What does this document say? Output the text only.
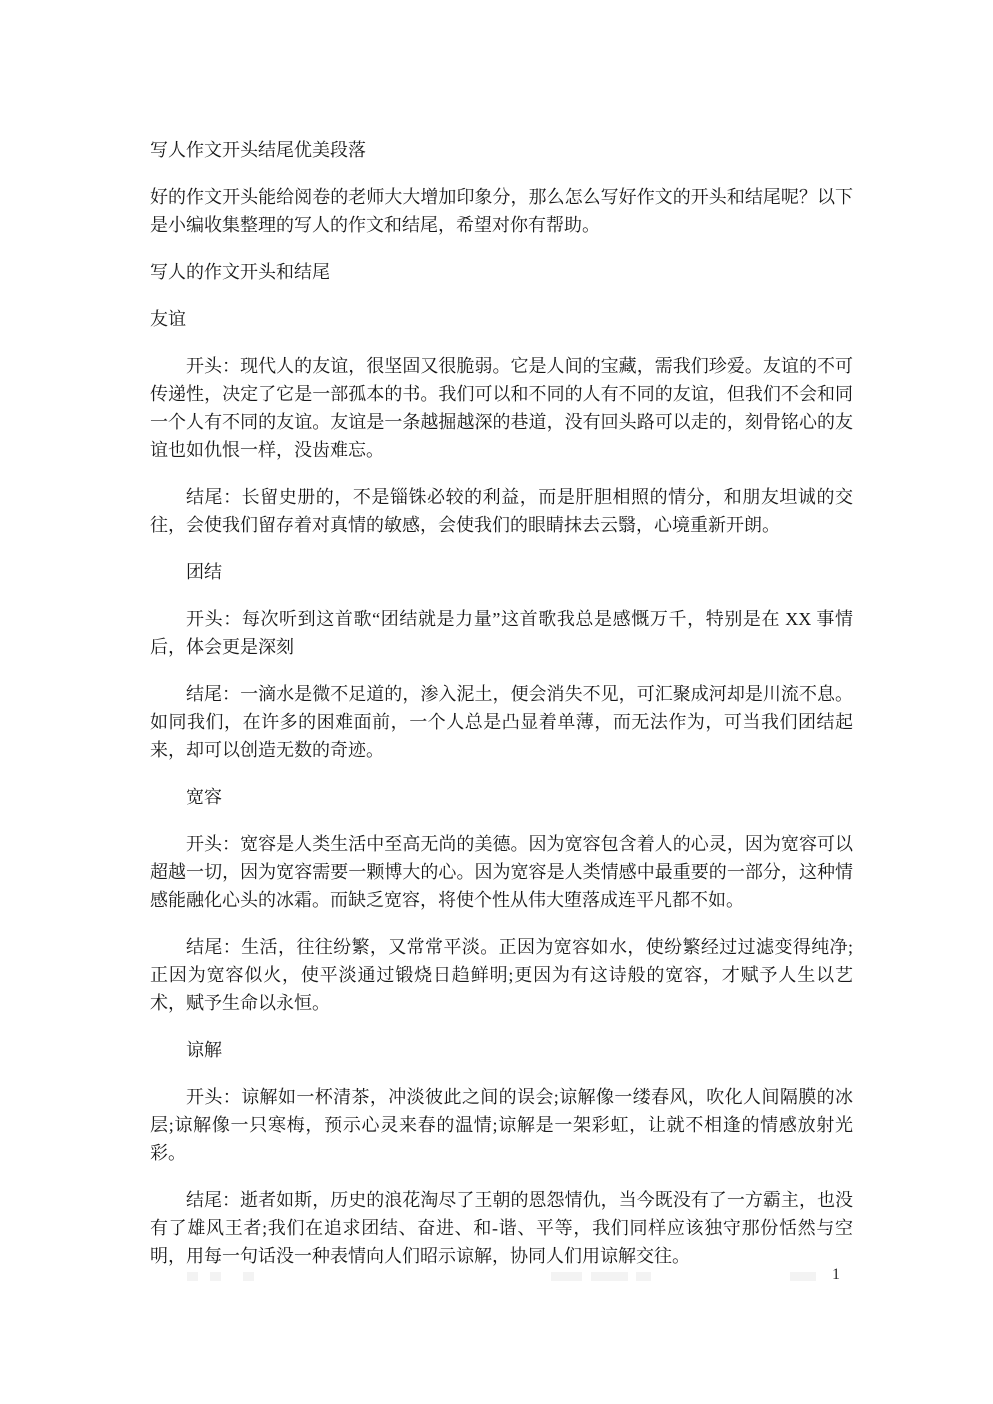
写人作文开头结尾优美段落

好的作文开头能给阅卷的老师大大增加印象分，那么怎么写好作文的开头和结尾呢？以下是小编收集整理的写人的作文和结尾，希望对你有帮助。

写人的作文开头和结尾

友谊

开头：现代人的友谊，很坚固又很脆弱。它是人间的宝藏，需我们珍爱。友谊的不可传递性，决定了它是一部孤本的书。我们可以和不同的人有不同的友谊，但我们不会和同一个人有不同的友谊。友谊是一条越掘越深的巷道，没有回头路可以走的，刻骨铭心的友谊也如仇恨一样，没齿难忘。

结尾：长留史册的，不是锱铢必较的利益，而是肝胆相照的情分，和朋友坦诚的交往，会使我们留存着对真情的敏感，会使我们的眼睛抹去云翳，心境重新开朗。

团结

开头：每次听到这首歌“团结就是力量”这首歌我总是感慨万千，特别是在 XX 事情后，体会更是深刻

结尾：一滴水是微不足道的，渗入泥土，便会消失不见，可汇聚成河却是川流不息。如同我们，在许多的困难面前，一个人总是凸显着单薄，而无法作为，可当我们团结起来，却可以创造无数的奇迹。

宽容

开头：宽容是人类生活中至高无尚的美德。因为宽容包含着人的心灵，因为宽容可以超越一切，因为宽容需要一颗博大的心。因为宽容是人类情感中最重要的一部分，这种情感能融化心头的冰霜。而缺乏宽容，将使个性从伟大堕落成连平凡都不如。

结尾：生活，往往纷繁，又常常平淡。正因为宽容如水，使纷繁经过过滤变得纯净;正因为宽容似火，使平淡通过锻烧日趋鲜明;更因为有这诗般的宽容，才赋予人生以艺术，赋予生命以永恒。

谅解

开头：谅解如一杯清茶，冲淡彼此之间的误会;谅解像一缕春风，吹化人间隔膜的冰层;谅解像一只寒梅，预示心灵来春的温情;谅解是一架彩虹，让就不相逢的情感放射光彩。

结尾：逝者如斯，历史的浪花淘尽了王朝的恩怨情仇，当今既没有了一方霸主，也没有了雄风王者;我们在追求团结、奋进、和-谐、平等，我们同样应该独守那份恬然与空明，用每一句话没一种表情向人们昭示谅解，协同人们用谅解交往。

1
